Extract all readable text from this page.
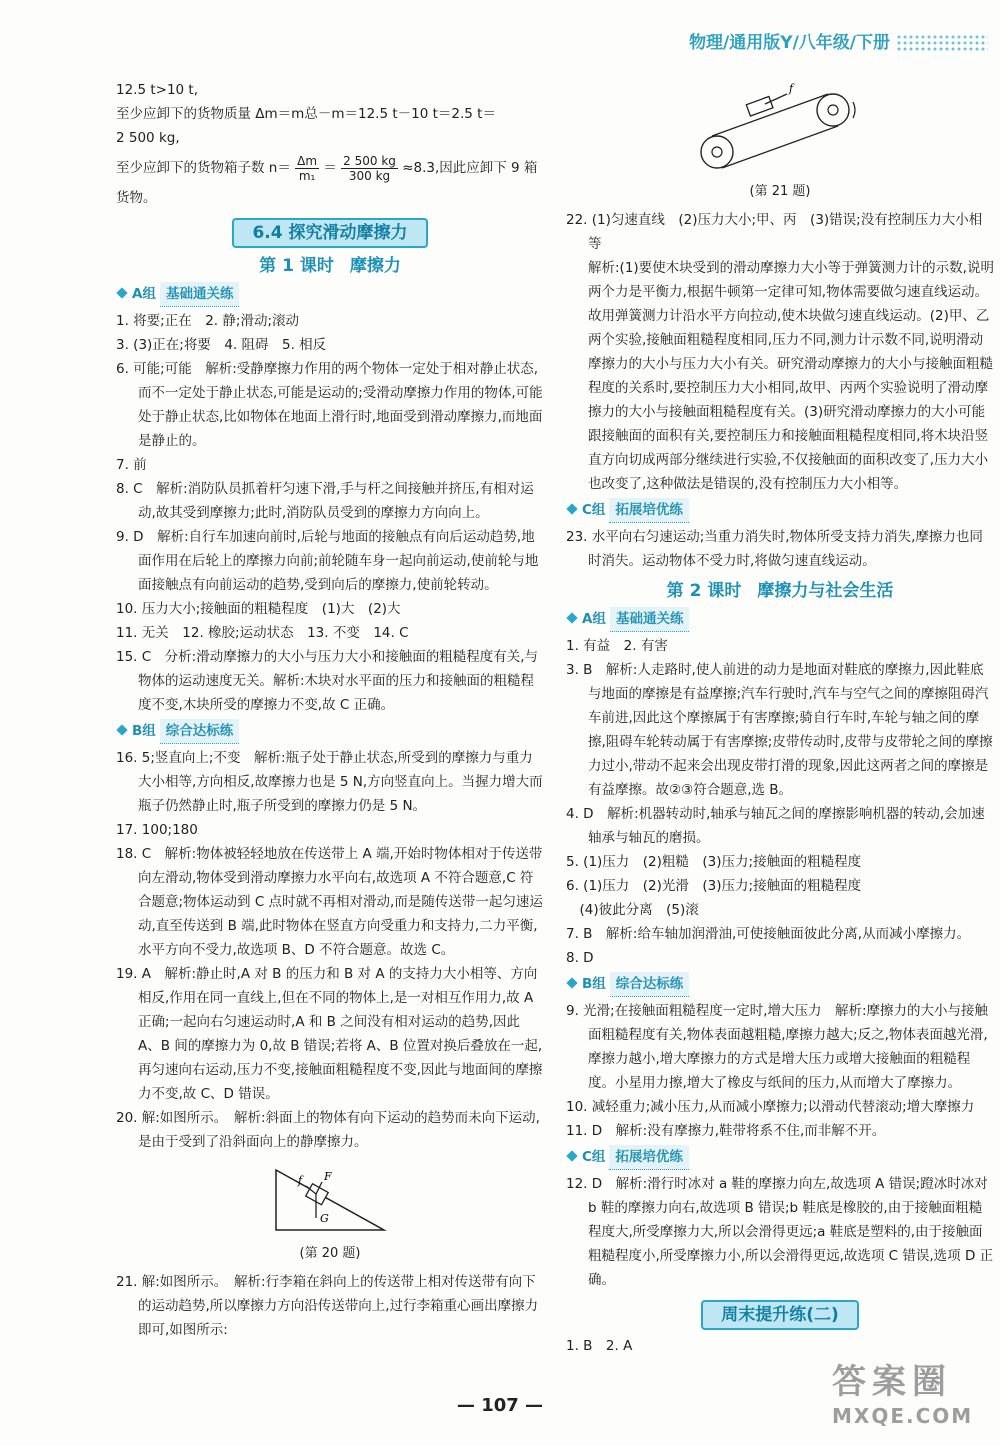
物理/通用版Y/八年级/下册

12.5 t>10 t,

至少应卸下的货物质量 Δm＝m总－m＝12.5 t－10 t＝2.5 t＝

2 500 kg,

至少应卸下的货物箱子数 $n= \frac{\Delta m}{\text{m₁}} = \frac{2 500 kg}{300 kg} \approx 8.3$,因此应卸下 9 箱

货物。

6.4 探究滑动摩擦力
第 1 课时 摩擦力
A组 基础通关练

1. 将要;正在　2. 静;滑动;滚动

3. (3)正在;将要　4. 阻碍　5. 相反

6. 可能;可能　解析:受静摩擦力作用的两个物体一定处于相对静止状态,而不一定处于静止状态,可能是运动的;受滑动摩擦力作用的物体,可能处于静止状态,比如物体在地面上滑行时,地面受到滑动摩擦力,而地面是静止的。

7. 前

8. C　解析:消防队员抓着杆匀速下滑,手与杆之间接触并挤压,有相对运动,故其受到摩擦力;此时,消防队员受到的摩擦力方向向上。

9. D　解析:自行车加速向前时,后轮与地面的接触点有向后运动趋势,地面作用在后轮上的摩擦力向前;前轮随车身一起向前运动,使前轮与地面接触点有向前运动的趋势,受到向后的摩擦力,使前轮转动。

10. 压力大小;接触面的粗糙程度　(1)大　(2)大

11. 无关　12. 橡胶;运动状态　13. 不变　14. C

15. C　分析:滑动摩擦力的大小与压力大小和接触面的粗糙程度有关,与物体的运动速度无关。解析:木块对水平面的压力和接触面的粗糙程度不变,木块所受的摩擦力不变,故 C 正确。

B组 综合达标练

16. 5;竖直向上;不变　解析:瓶子处于静止状态,所受到的摩擦力与重力大小相等,方向相反,故摩擦力也是 5 N,方向竖直向上。当握力增大而瓶子仍然静止时,瓶子所受到的摩擦力仍是 5 N。

17. 100;180

18. C　解析:物体被轻轻地放在传送带上 A 端,开始时物体相对于传送带向左滑动,物体受到滑动摩擦力水平向右,故选项 A 不符合题意,C 符合题意;物体运动到 C 点时就不再相对滑动,而是随传送带一起匀速运动,直至传送到 B 端,此时物体在竖直方向受重力和支持力,二力平衡,水平方向不受力,故选项 B、D 不符合题意。故选 C。

19. A　解析:静止时,A 对 B 的压力和 B 对 A 的支持力大小相等、方向相反,作用在同一直线上,但在不同的物体上,是一对相互作用力,故 A 正确;一起向右匀速运动时,A 和 B 之间没有相对运动的趋势,因此 A、B 间的摩擦力为 0,故 B 错误;若将 A、B 位置对换后叠放在一起,再匀速向右运动,压力不变,接触面粗糙程度不变,因此与地面间的摩擦力不变,故 C、D 错误。

20. 解:如图所示。　解析:斜面上的物体有向下运动的趋势而未向下运动,是由于受到了沿斜面向上的静摩擦力。

f F
G
(第 20 题)

21. 解:如图所示。　解析:行李箱在斜向上的传送带上相对传送带有向下的运动趋势,所以摩擦力方向沿传送带向上,过行李箱重心画出摩擦力即可,如图所示:

f
(第 21 题)

22. (1)匀速直线　(2)压力大小;甲、丙　(3)错误;没有控制压力大小相等

解析:(1)要使木块受到的滑动摩擦力大小等于弹簧测力计的示数,说明两个力是平衡力,根据牛顿第一定律可知,物体需要做匀速直线运动。故用弹簧测力计沿水平方向拉动,使木块做匀速直线运动。(2)甲、乙两个实验,接触面粗糙程度相同,压力不同,测力计示数不同,说明滑动摩擦力的大小与压力大小有关。研究滑动摩擦力的大小与接触面粗糙程度的关系时,要控制压力大小相同,故甲、丙两个实验说明了滑动摩擦力的大小与接触面粗糙程度有关。(3)研究滑动摩擦力的大小可能跟接触面的面积有关,要控制压力和接触面粗糙程度相同,将木块沿竖直方向切成两部分继续进行实验,不仅接触面的面积改变了,压力大小也改变了,这种做法是错误的,没有控制压力大小相等。

C组 拓展培优练

23. 水平向右匀速运动;当重力消失时,物体所受支持力消失,摩擦力也同时消失。运动物体不受力时,将做匀速直线运动。

第 2 课时 摩擦力与社会生活
A组 基础通关练

1. 有益　2. 有害

3. B　解析:人走路时,使人前进的动力是地面对鞋底的摩擦力,因此鞋底与地面的摩擦是有益摩擦;汽车行驶时,汽车与空气之间的摩擦阻碍汽车前进,因此这个摩擦属于有害摩擦;骑自行车时,车轮与轴之间的摩擦,阻碍车轮转动属于有害摩擦;皮带传动时,皮带与皮带轮之间的摩擦力过小,带动不起来会出现皮带打滑的现象,因此这两者之间的摩擦是有益摩擦。故②③符合题意,选 B。

4. D　解析:机器转动时,轴承与轴瓦之间的摩擦影响机器的转动,会加速轴承与轴瓦的磨损。

5. (1)压力　(2)粗糙　(3)压力;接触面的粗糙程度

6. (1)压力　(2)光滑　(3)压力;接触面的粗糙程度

　(4)彼此分离　(5)滚

7. B　解析:给车轴加润滑油,可使接触面彼此分离,从而减小摩擦力。

8. D

B组 综合达标练

9. 光滑;在接触面粗糙程度一定时,增大压力　解析:摩擦力的大小与接触面粗糙程度有关,物体表面越粗糙,摩擦力越大;反之,物体表面越光滑,摩擦力越小,增大摩擦力的方式是增大压力或增大接触面的粗糙程度。小星用力擦,增大了橡皮与纸间的压力,从而增大了摩擦力。

10. 减轻重力;减小压力,从而减小摩擦力;以滑动代替滚动;增大摩擦力

11. D　解析:没有摩擦力,鞋带将系不住,而非解不开。

C组 拓展培优练

12. D　解析:滑行时冰对 a 鞋的摩擦力向左,故选项 A 错误;蹬冰时冰对 b 鞋的摩擦力向右,故选项 B 错误;b 鞋底是橡胶的,由于接触面粗糙程度大,所受摩擦力大,所以会滑得更远;a 鞋底是塑料的,由于接触面粗糙程度小,所受摩擦力小,所以会滑得更远,故选项 C 错误,选项 D 正确。

周末提升练(二)

1. B　2. A

— 107 —
答案圈
MXQE.COM
